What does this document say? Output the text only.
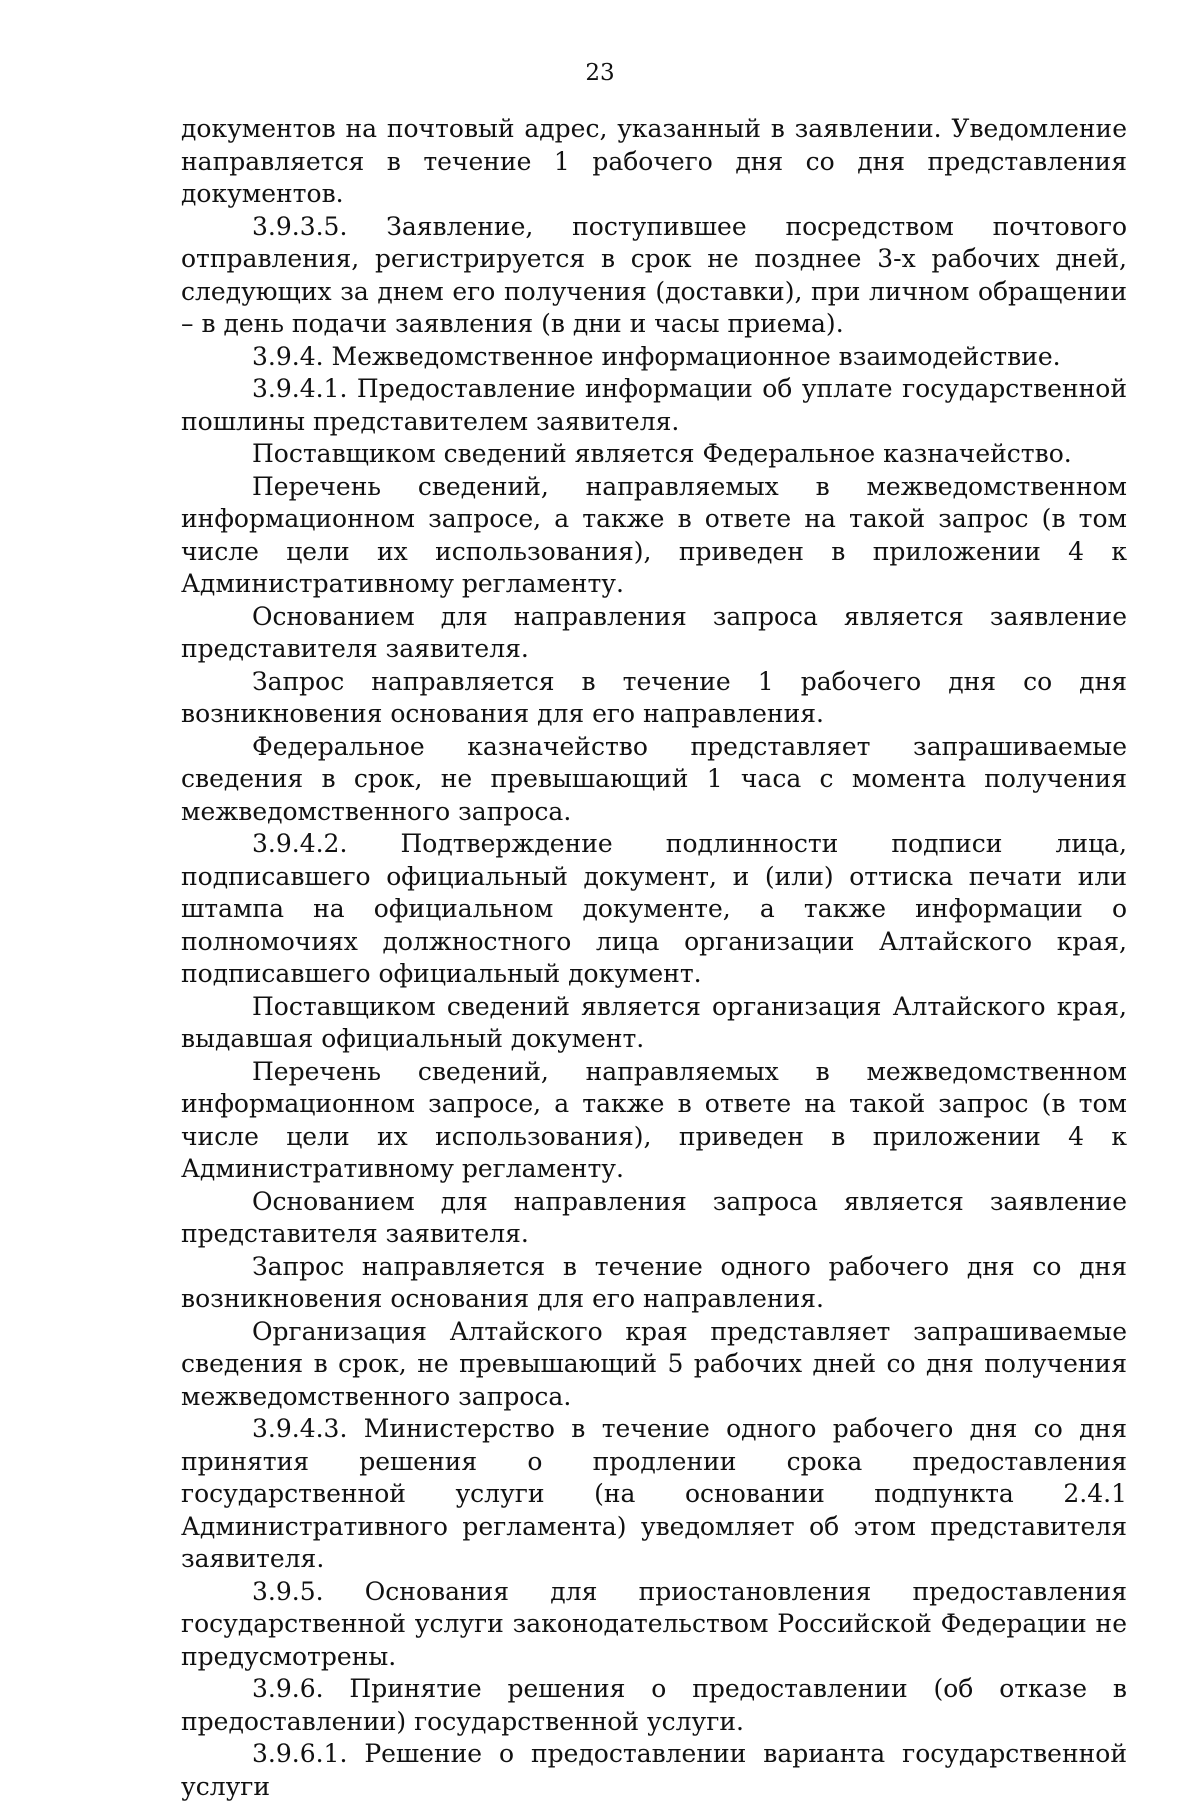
23

документов на почтовый адрес, указанный в заявлении. Уведомление направляется в течение 1 рабочего дня со дня представления документов.

3.9.3.5. Заявление, поступившее посредством почтового отправления, регистрируется в срок не позднее 3-х рабочих дней, следующих за днем его получения (доставки), при личном обращении – в день подачи заявления (в дни и часы приема).

3.9.4. Межведомственное информационное взаимодействие.

3.9.4.1. Предоставление информации об уплате государственной пошлины представителем заявителя.

Поставщиком сведений является Федеральное казначейство.

Перечень сведений, направляемых в межведомственном информационном запросе, а также в ответе на такой запрос (в том числе цели их использования), приведен в приложении 4 к Административному регламенту.

Основанием для направления запроса является заявление представителя заявителя.

Запрос направляется в течение 1 рабочего дня со дня возникновения основания для его направления.

Федеральное казначейство представляет запрашиваемые сведения в срок, не превышающий 1 часа с момента получения межведомственного запроса.

3.9.4.2. Подтверждение подлинности подписи лица, подписавшего официальный документ, и (или) оттиска печати или штампа на официальном документе, а также информации о полномочиях должностного лица организации Алтайского края, подписавшего официальный документ.

Поставщиком сведений является организация Алтайского края, выдавшая официальный документ.

Перечень сведений, направляемых в межведомственном информационном запросе, а также в ответе на такой запрос (в том числе цели их использования), приведен в приложении 4 к Административному регламенту.

Основанием для направления запроса является заявление представителя заявителя.

Запрос направляется в течение одного рабочего дня со дня возникновения основания для его направления.

Организация Алтайского края представляет запрашиваемые сведения в срок, не превышающий 5 рабочих дней со дня получения межведомственного запроса.

3.9.4.3. Министерство в течение одного рабочего дня со дня принятия решения о продлении срока предоставления государственной услуги (на основании подпункта 2.4.1 Административного регламента) уведомляет об этом представителя заявителя.

3.9.5. Основания для приостановления предоставления государственной услуги законодательством Российской Федерации не предусмотрены.

3.9.6. Принятие решения о предоставлении (об отказе в предоставлении) государственной услуги.

3.9.6.1. Решение о предоставлении варианта государственной услуги
